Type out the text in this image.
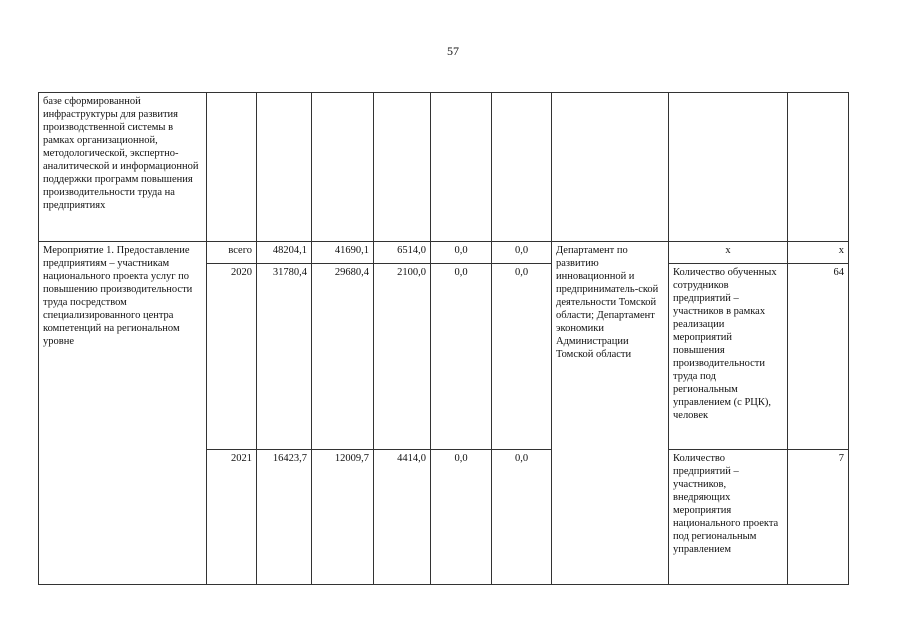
57
базе сформированной инфраструктуры для развития производственной системы в рамках организационной, методологической, экспертно-аналитической и информационной поддержки программ повышения производительности труда на предприятиях									
Мероприятие 1. Предоставление предприятиям – участникам национального проекта услуг по повышению производительности труда посредством специализированного центра компетенций на региональном уровне	всего	48204,1	41690,1	6514,0	0,0	0,0	Департамент по развитию инновационной и предприниматель-ской деятельности Томской области; Департамент экономики Администрации Томской области	х	х
	2020	31780,4	29680,4	2100,0	0,0	0,0		Количество обученных сотрудников предприятий – участников в рамках реализации мероприятий повышения производительности труда под региональным управлением (с РЦК), человек	64
	2021	16423,7	12009,7	4414,0	0,0	0,0		Количество предприятий – участников, внедряющих мероприятия национального проекта под региональным управлением	7
